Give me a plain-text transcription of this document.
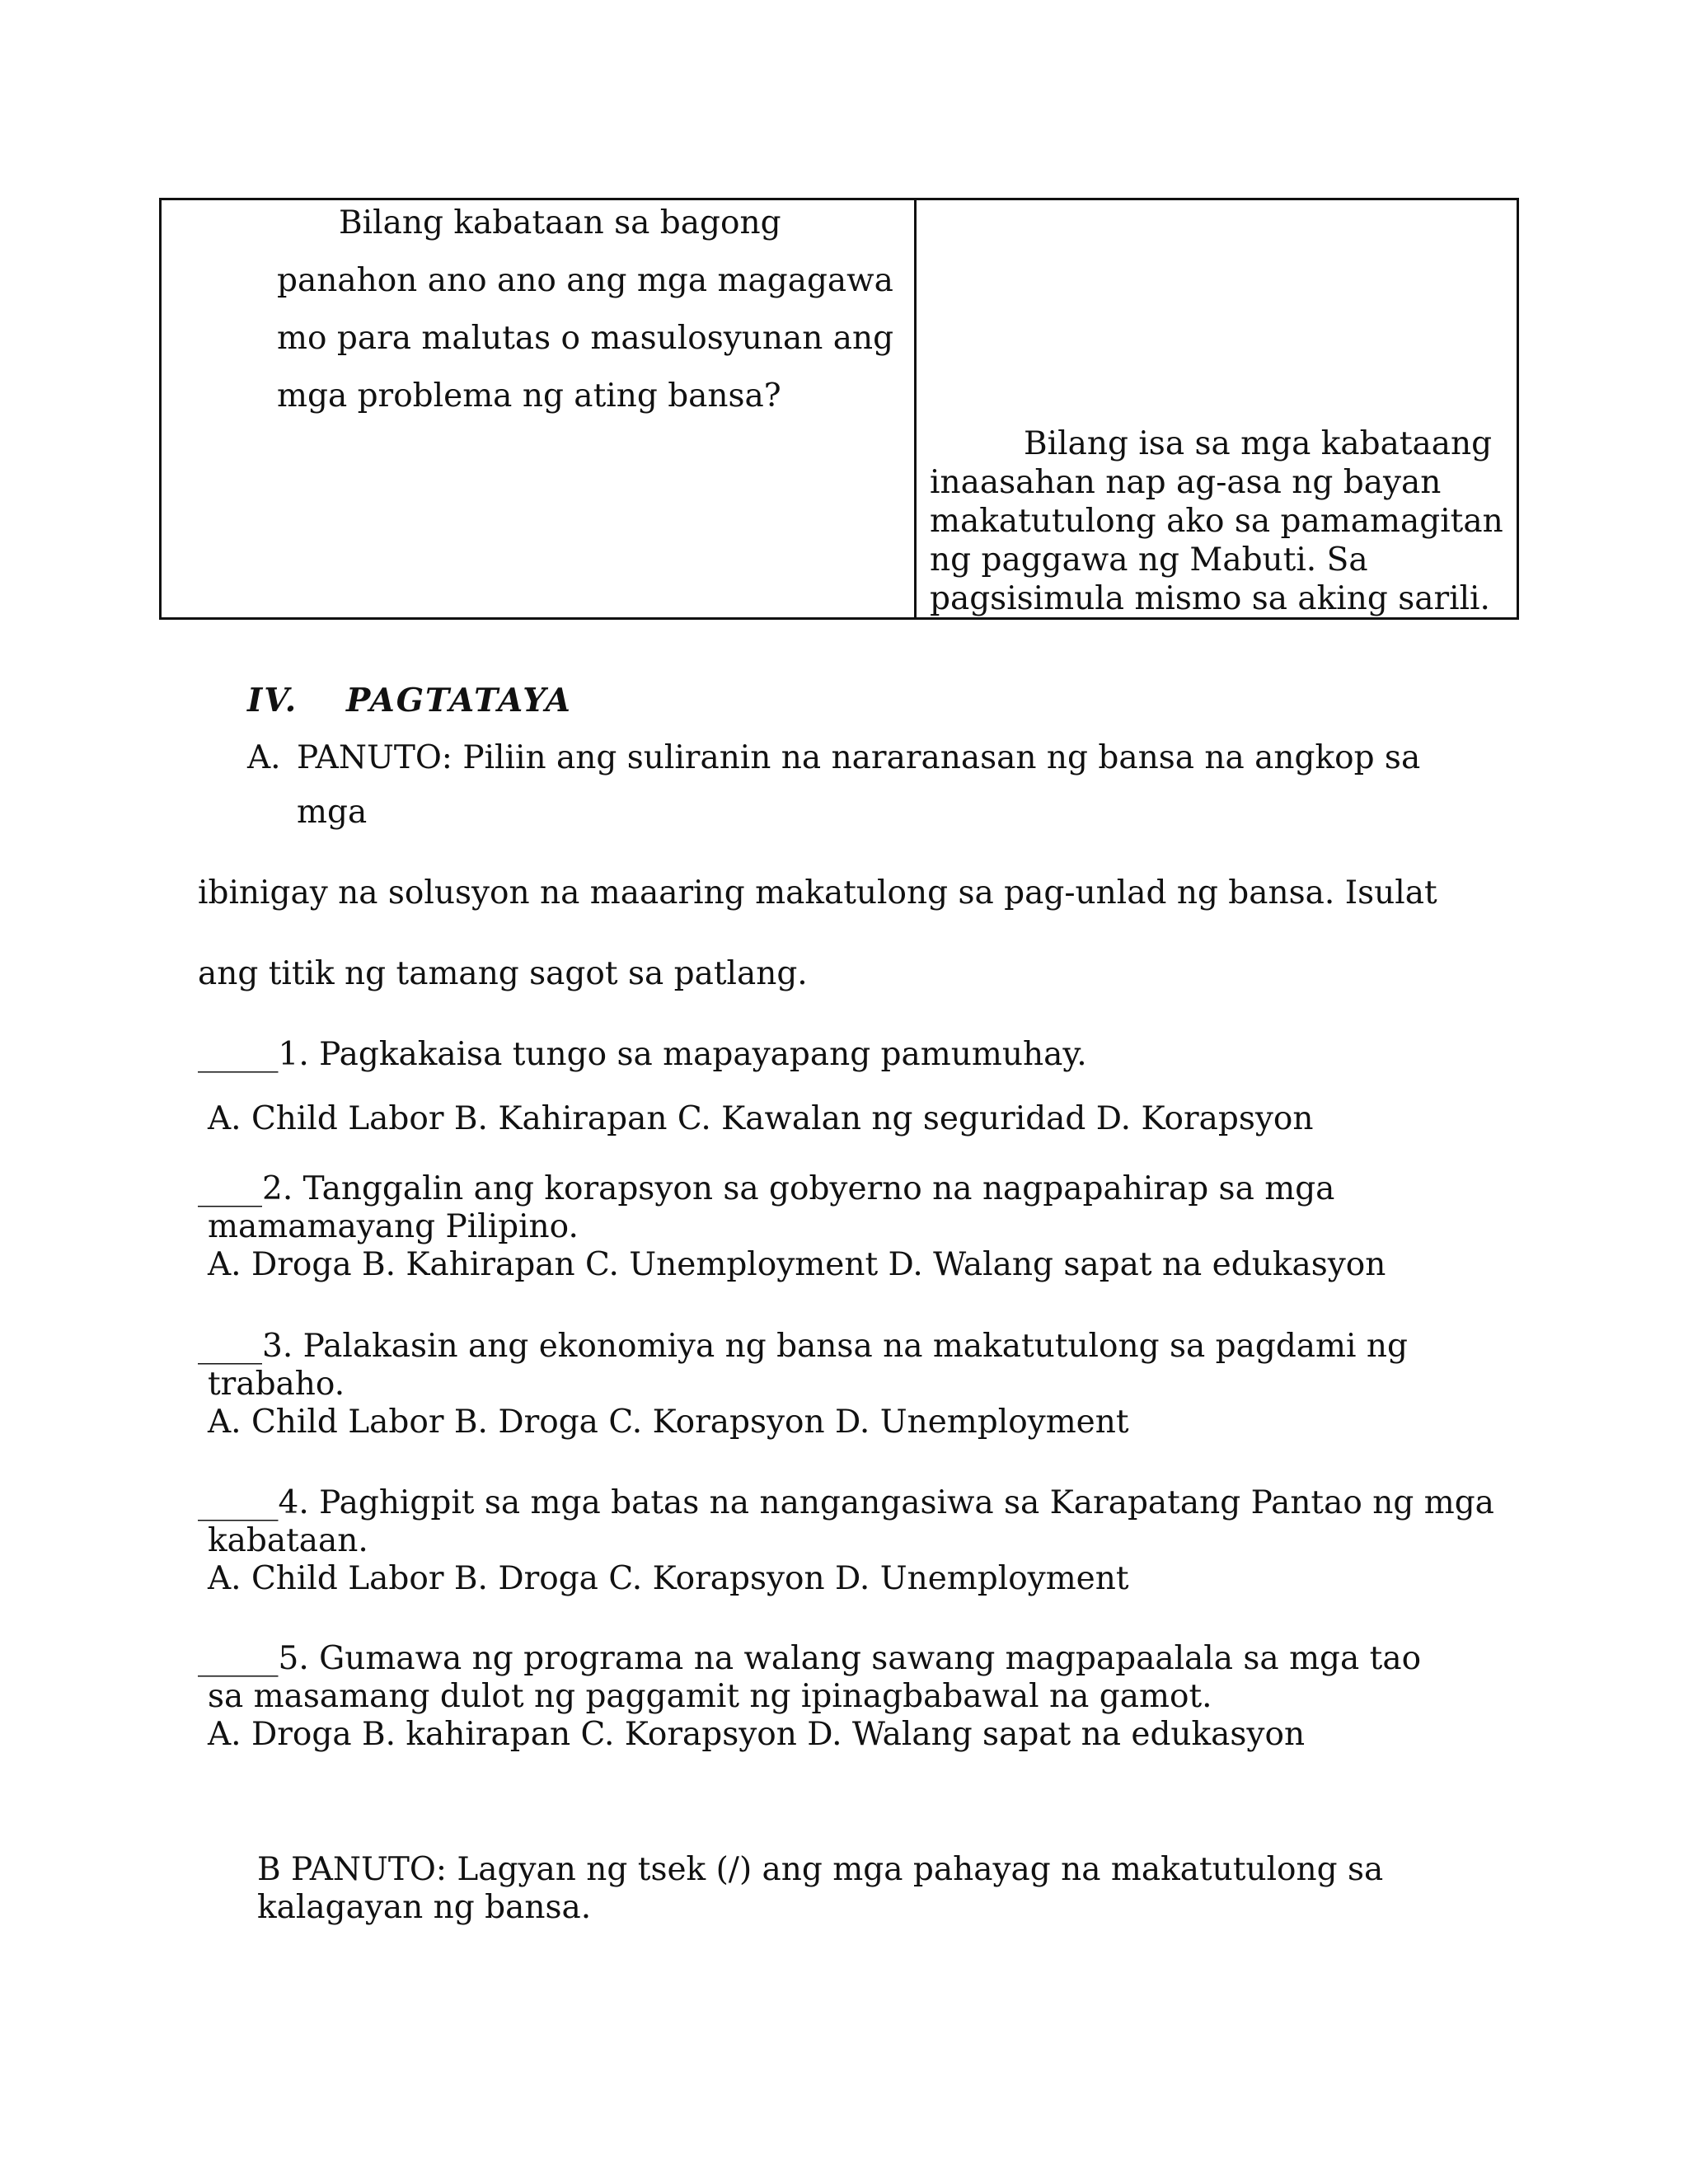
Bilang kabataan sa bagong
panahon ano ano ang mga magagawa
mo para malutas o masulosyunan ang
mga problema ng ating bansa?
Bilang isa sa mga kabataang
inaasahan nap ag-asa ng bayan
makatutulong ako sa pamamagitan
ng paggawa ng Mabuti. Sa
pagsisimula mismo sa aking sarili.
IV. PAGTATAYA
A. PANUTO: Piliin ang suliranin na nararanasan ng bansa na angkop sa
mga
ibinigay na solusyon na maaaring makatulong sa pag-unlad ng bansa. Isulat
ang titik ng tamang sagot sa patlang.
_____1. Pagkakaisa tungo sa mapayapang pamumuhay.
A. Child Labor B. Kahirapan C. Kawalan ng seguridad D. Korapsyon
____2. Tanggalin ang korapsyon sa gobyerno na nagpapahirap sa mga
mamamayang Pilipino.
A. Droga B. Kahirapan C. Unemployment D. Walang sapat na edukasyon
____3. Palakasin ang ekonomiya ng bansa na makatutulong sa pagdami ng
trabaho.
A. Child Labor B. Droga C. Korapsyon D. Unemployment
_____4. Paghigpit sa mga batas na nangangasiwa sa Karapatang Pantao ng mga
kabataan.
A. Child Labor B. Droga C. Korapsyon D. Unemployment
_____5. Gumawa ng programa na walang sawang magpapaalala sa mga tao
sa masamang dulot ng paggamit ng ipinagbabawal na gamot.
A. Droga B. kahirapan C. Korapsyon D. Walang sapat na edukasyon
B PANUTO: Lagyan ng tsek (/) ang mga pahayag na makatutulong sa
kalagayan ng bansa.
